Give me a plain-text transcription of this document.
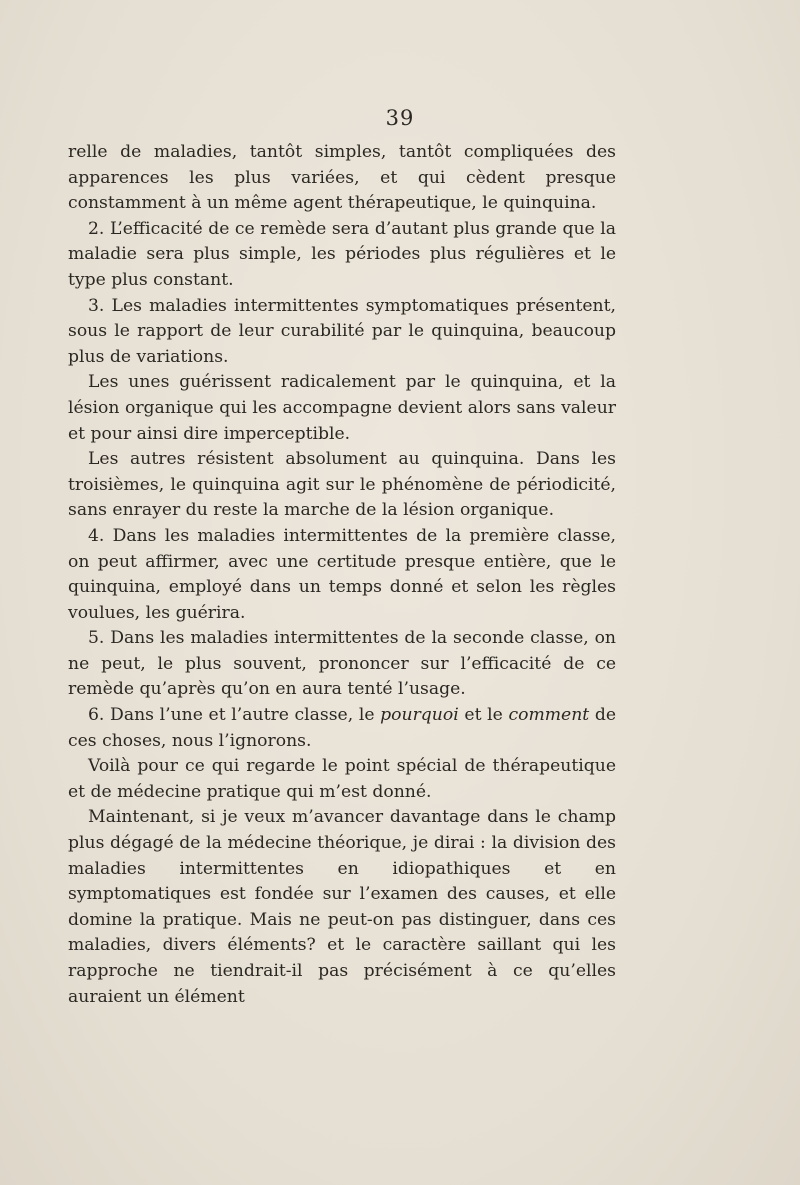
39

relle de maladies, tantôt simples, tantôt compliquées des apparences les plus variées, et qui cèdent presque constamment à un même agent thérapeutique, le quinquina.

2. L’efficacité de ce remède sera d’autant plus grande que la maladie sera plus simple, les périodes plus régulières et le type plus constant.

3. Les maladies intermittentes symptomatiques présentent, sous le rapport de leur curabilité par le quinquina, beaucoup plus de variations.

Les unes guérissent radicalement par le quinquina, et la lésion organique qui les accompagne devient alors sans valeur et pour ainsi dire imperceptible.

Les autres résistent absolument au quinquina. Dans les troisièmes, le quinquina agit sur le phénomène de périodicité, sans enrayer du reste la marche de la lésion organique.

4. Dans les maladies intermittentes de la première classe, on peut affirmer, avec une certitude presque entière, que le quinquina, employé dans un temps donné et selon les règles voulues, les guérira.

5. Dans les maladies intermittentes de la seconde classe, on ne peut, le plus souvent, prononcer sur l’efficacité de ce remède qu’après qu’on en aura tenté l’usage.

6. Dans l’une et l’autre classe, le pourquoi et le comment de ces choses, nous l’ignorons.

Voilà pour ce qui regarde le point spécial de thérapeutique et de médecine pratique qui m’est donné.

Maintenant, si je veux m’avancer davantage dans le champ plus dégagé de la médecine théorique, je dirai : la division des maladies intermittentes en idiopathiques et en symptomatiques est fondée sur l’examen des causes, et elle domine la pratique. Mais ne peut-on pas distinguer, dans ces maladies, divers éléments? et le caractère saillant qui les rapproche ne tiendrait-il pas précisément à ce qu’elles auraient un élément
